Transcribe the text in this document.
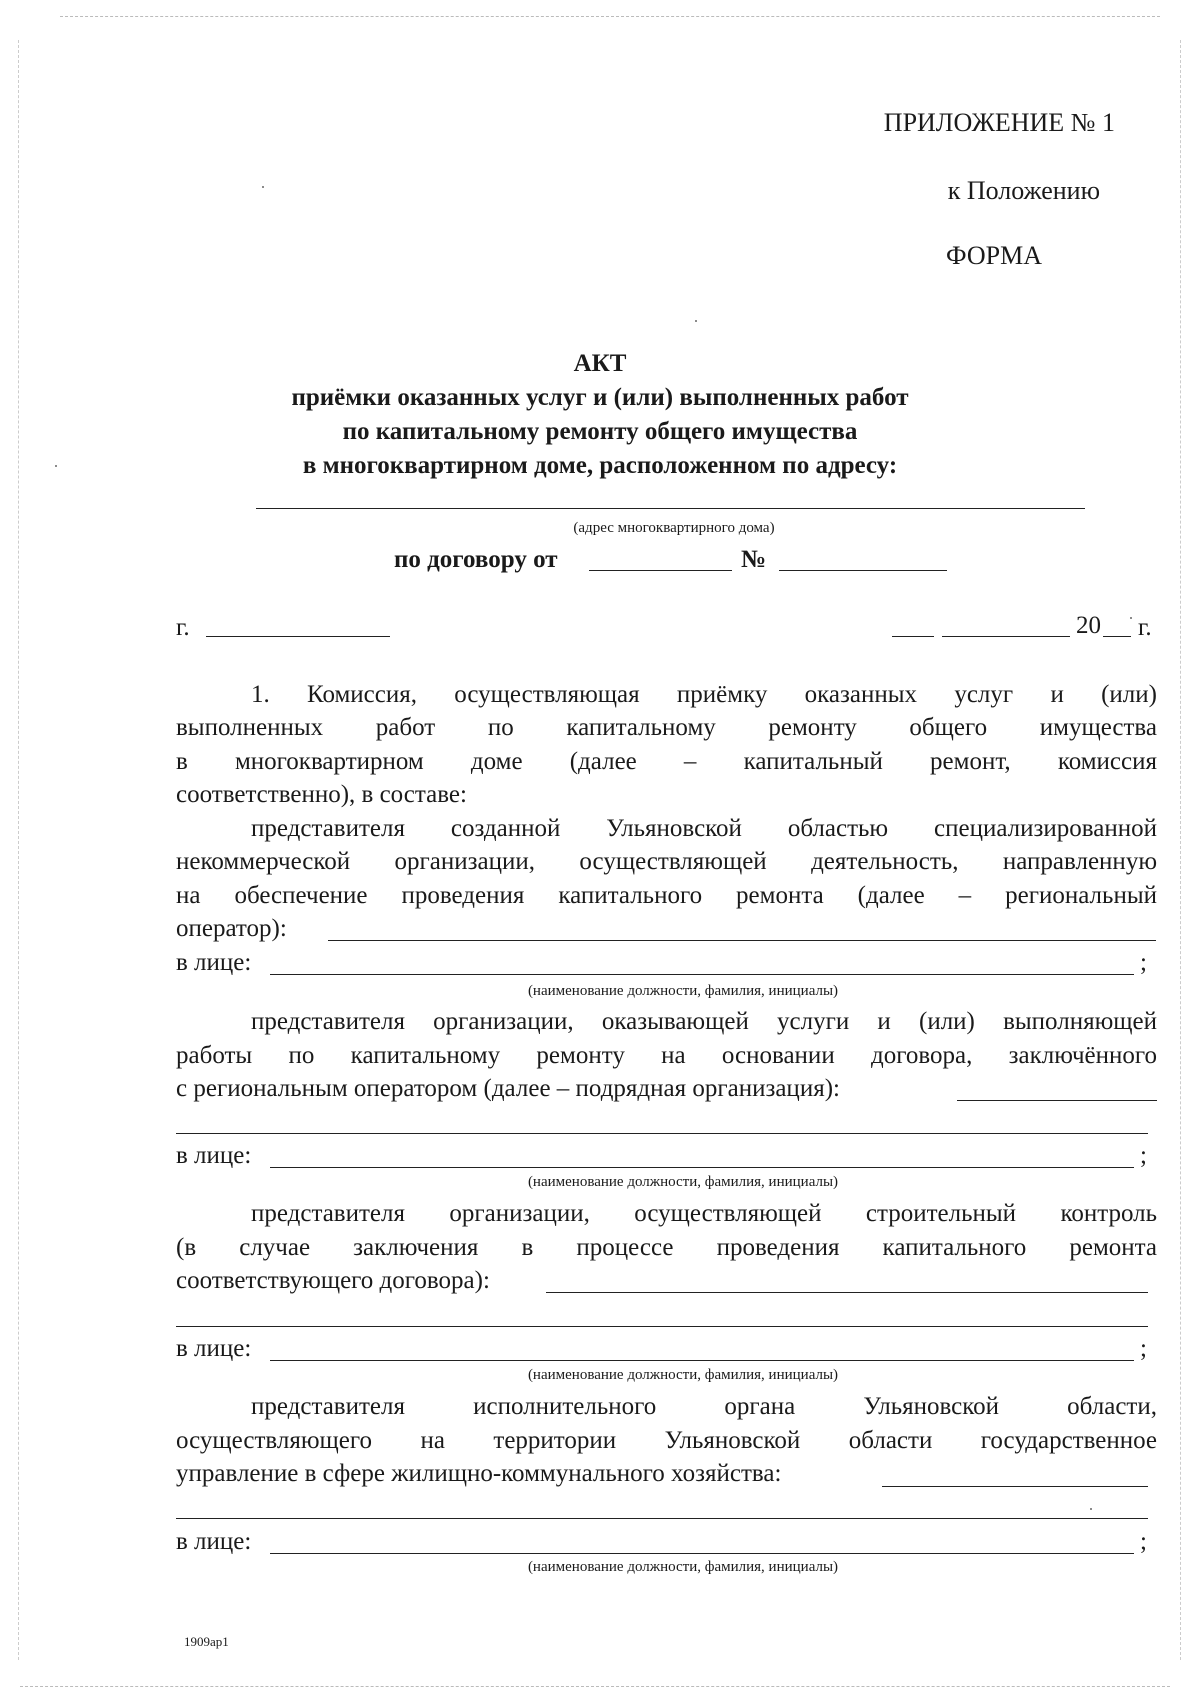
ПРИЛОЖЕНИЕ № 1
к Положению
ФОРМА
АКТ
приёмки оказанных услуг и (или) выполненных работ
по капитальному ремонту общего имущества
в многоквартирном доме, расположенном по адресу:
(адрес многоквартирного дома)
по договору от	№
г.	20 г.
1. Комиссия, осуществляющая приёмку оказанных услуг и (или)
выполненных работ по капитальному ремонту общего имущества
в многоквартирном доме (далее – капитальный ремонт, комиссия
соответственно), в составе:
представителя созданной Ульяновской областью специализированной
некоммерческой организации, осуществляющей деятельность, направленную
на обеспечение проведения капитального ремонта (далее – региональный
оператор):
в лице:	;
(наименование должности, фамилия, инициалы)
представителя организации, оказывающей услуги и (или) выполняющей
работы по капитальному ремонту на основании договора, заключённого
с региональным оператором (далее – подрядная организация):
в лице:	;
(наименование должности, фамилия, инициалы)
представителя организации, осуществляющей строительный контроль
(в случае заключения в процессе проведения капитального ремонта
соответствующего договора):
в лице:	;
(наименование должности, фамилия, инициалы)
представителя исполнительного органа Ульяновской области,
осуществляющего на территории Ульяновской области государственное
управление в сфере жилищно-коммунального хозяйства:
в лице:	;
(наименование должности, фамилия, инициалы)
1909ар1
